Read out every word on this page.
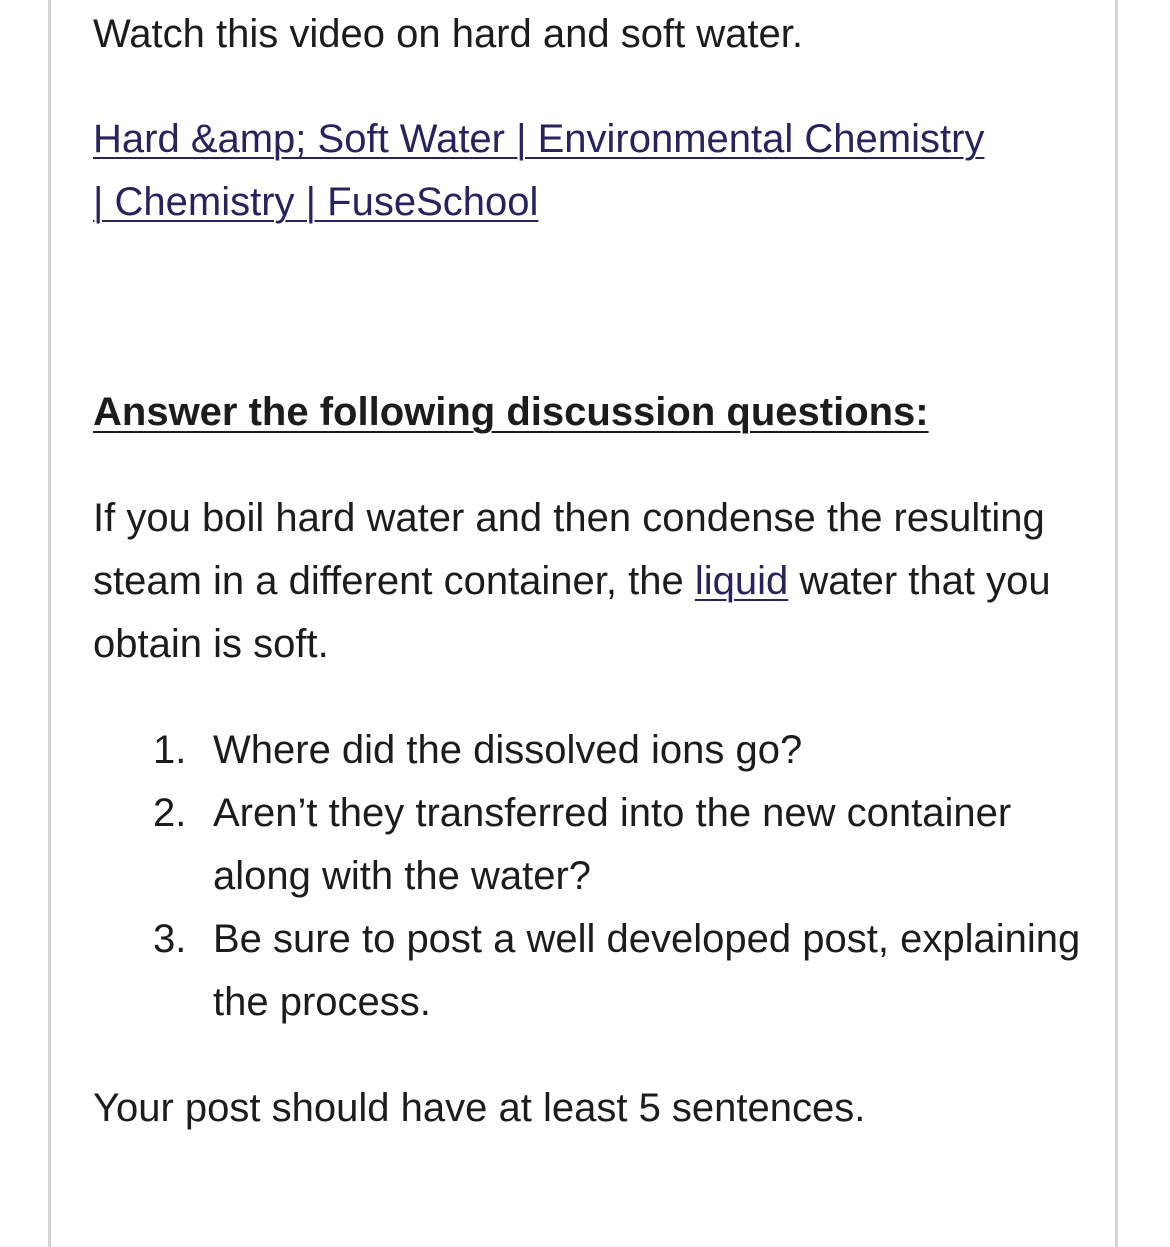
Watch this video on hard and soft water.
Hard &amp; Soft Water | Environmental Chemistry
| Chemistry | FuseSchool
Answer the following discussion questions:
If you boil hard water and then condense the resulting steam in a different container, the liquid water that you obtain is soft.
1. Where did the dissolved ions go?
2. Aren’t they transferred into the new container along with the water?
3. Be sure to post a well developed post, explaining the process.
Your post should have at least 5 sentences.
